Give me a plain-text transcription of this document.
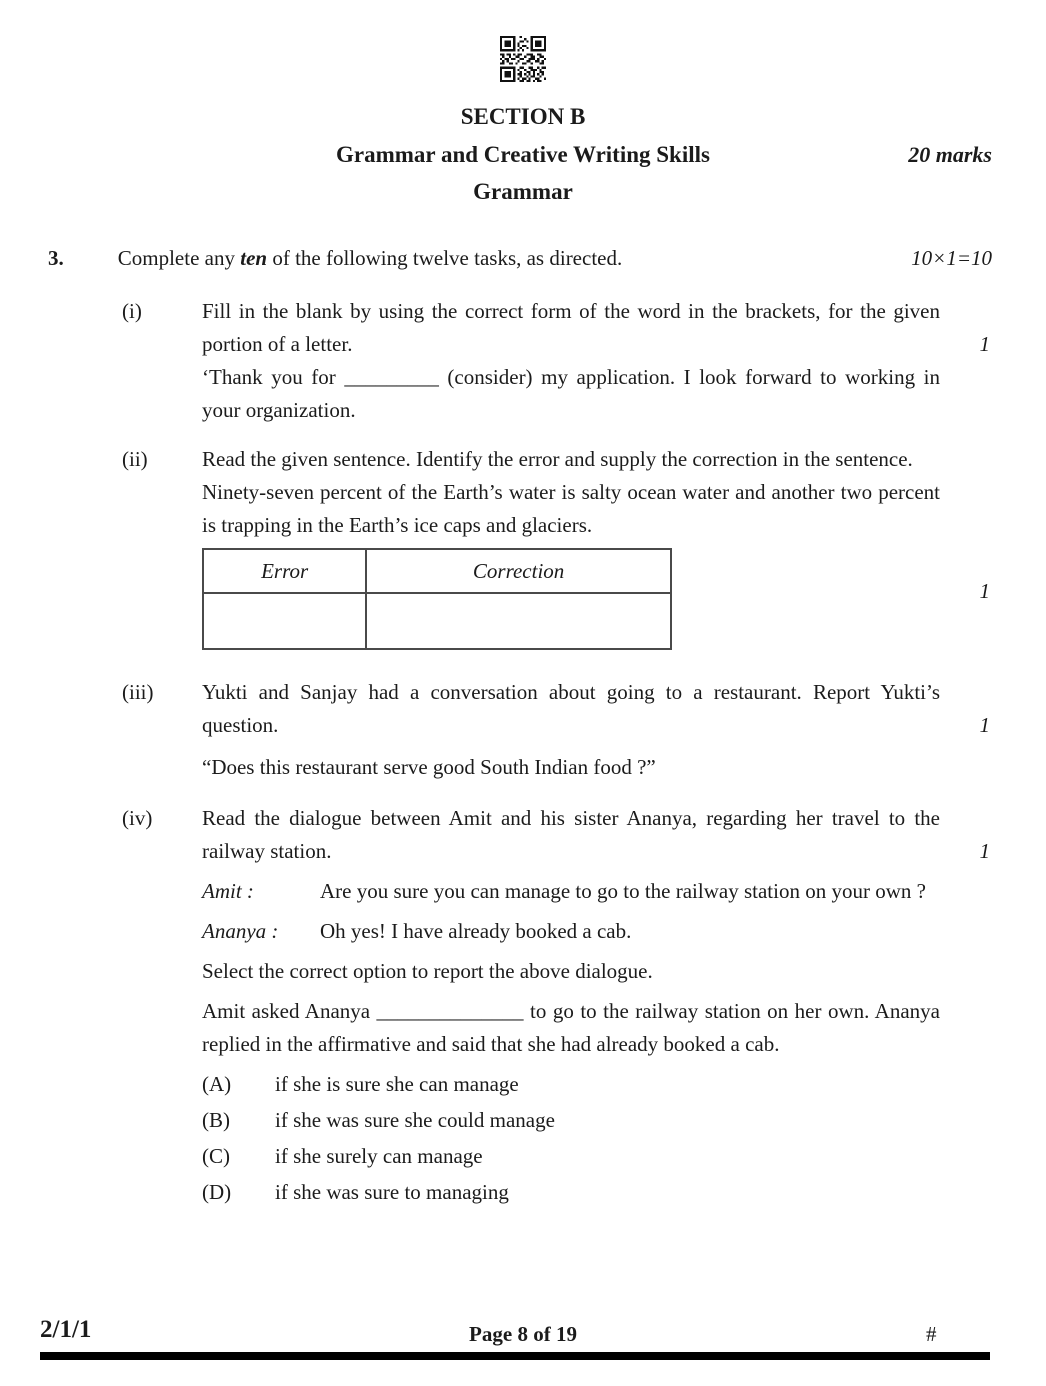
SECTION B
Grammar and Creative Writing Skills	20 marks
Grammar
3.	Complete any ten of the following twelve tasks, as directed.	10×1=10
(i)
1

Fill in the blank by using the correct form of the word in the brackets, for the given portion of a letter.

‘Thank you for _________ (consider) my application. I look forward to working in your organization.

(ii)
1

Read the given sentence. Identify the error and supply the correction in the sentence.

Ninety-seven percent of the Earth’s water is salty ocean water and another two percent is trapping in the Earth’s ice caps and glaciers.

Error	Correction

(iii)
1

Yukti and Sanjay had a conversation about going to a restaurant. Report Yukti’s question.

“Does this restaurant serve good South Indian food ?”

(iv)
1

Read the dialogue between Amit and his sister Ananya, regarding her travel to the railway station.

Amit :	Are you sure you can manage to go to the railway station on your own ?
Ananya :	Oh yes! I have already booked a cab.

Select the correct option to report the above dialogue.

Amit asked Ananya ______________ to go to the railway station on her own. Ananya replied in the affirmative and said that she had already booked a cab.

(A)	if she is sure she can manage
(B)	if she was sure she could manage
(C)	if she surely can manage
(D)	if she was sure to managing
2/1/1	Page 8 of 19	#
